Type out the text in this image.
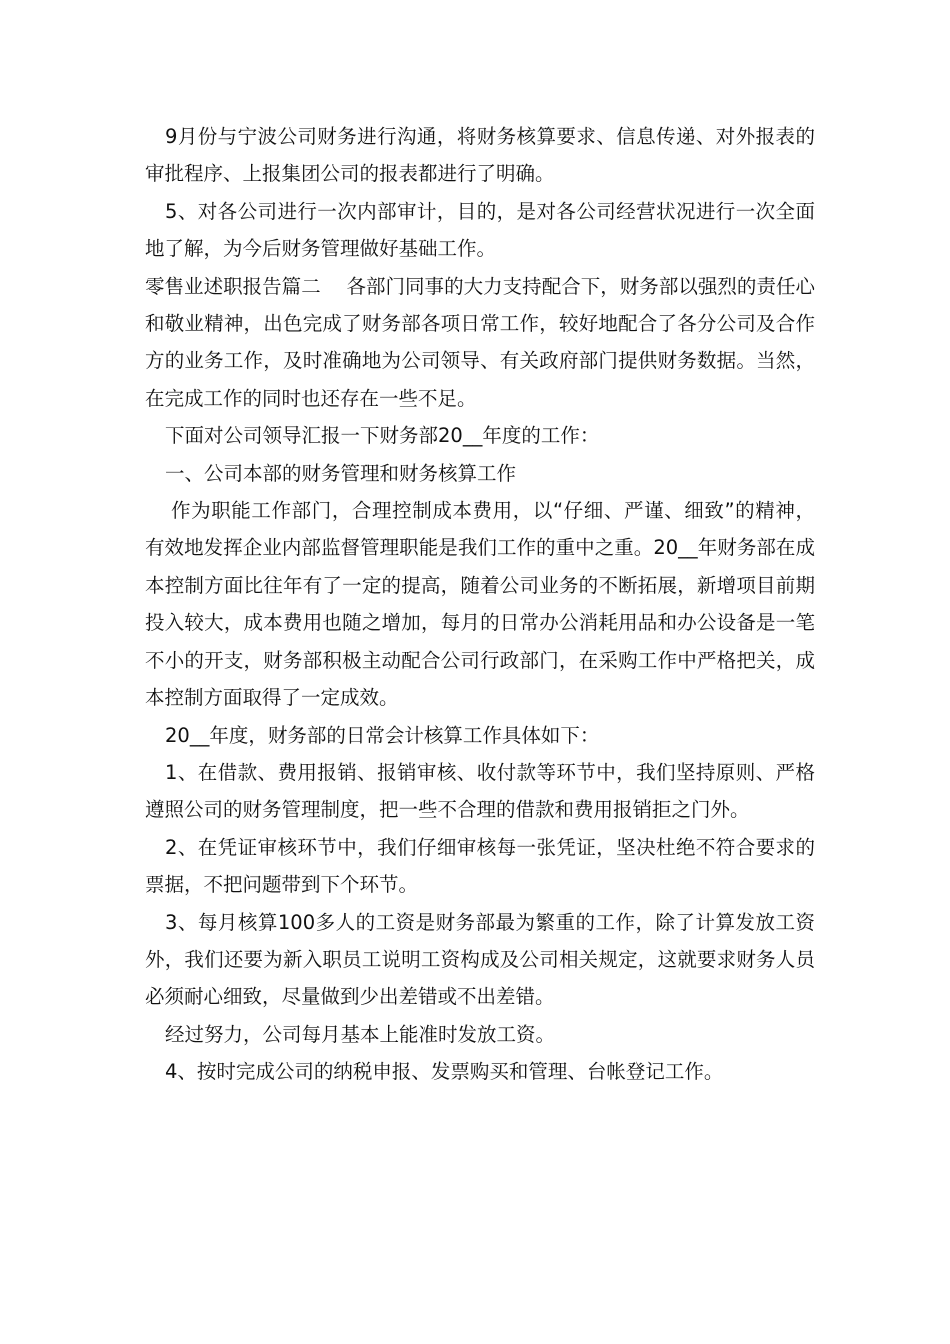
9月份与宁波公司财务进行沟通，将财务核算要求、信息传递、对外报表的审批程序、上报集团公司的报表都进行了明确。

5、对各公司进行一次内部审计，目的，是对各公司经营状况进行一次全面地了解，为今后财务管理做好基础工作。

零售业述职报告篇二　 各部门同事的大力支持配合下，财务部以强烈的责任心和敬业精神，出色完成了财务部各项日常工作，较好地配合了各分公司及合作方的业务工作，及时准确地为公司领导、有关政府部门提供财务数据。当然，在完成工作的同时也还存在一些不足。

下面对公司领导汇报一下财务部20__年度的工作：

一、公司本部的财务管理和财务核算工作

作为职能工作部门，合理控制成本费用，以“仔细、严谨、细致”的精神，有效地发挥企业内部监督管理职能是我们工作的重中之重。20__年财务部在成本控制方面比往年有了一定的提高，随着公司业务的不断拓展，新增项目前期投入较大，成本费用也随之增加，每月的日常办公消耗用品和办公设备是一笔不小的开支，财务部积极主动配合公司行政部门，在采购工作中严格把关，成本控制方面取得了一定成效。

20__年度，财务部的日常会计核算工作具体如下：

1、在借款、费用报销、报销审核、收付款等环节中，我们坚持原则、严格遵照公司的财务管理制度，把一些不合理的借款和费用报销拒之门外。

2、在凭证审核环节中，我们仔细审核每一张凭证，坚决杜绝不符合要求的票据，不把问题带到下个环节。

3、每月核算100多人的工资是财务部最为繁重的工作，除了计算发放工资外，我们还要为新入职员工说明工资构成及公司相关规定，这就要求财务人员必须耐心细致，尽量做到少出差错或不出差错。

经过努力，公司每月基本上能准时发放工资。

4、按时完成公司的纳税申报、发票购买和管理、台帐登记工作。
